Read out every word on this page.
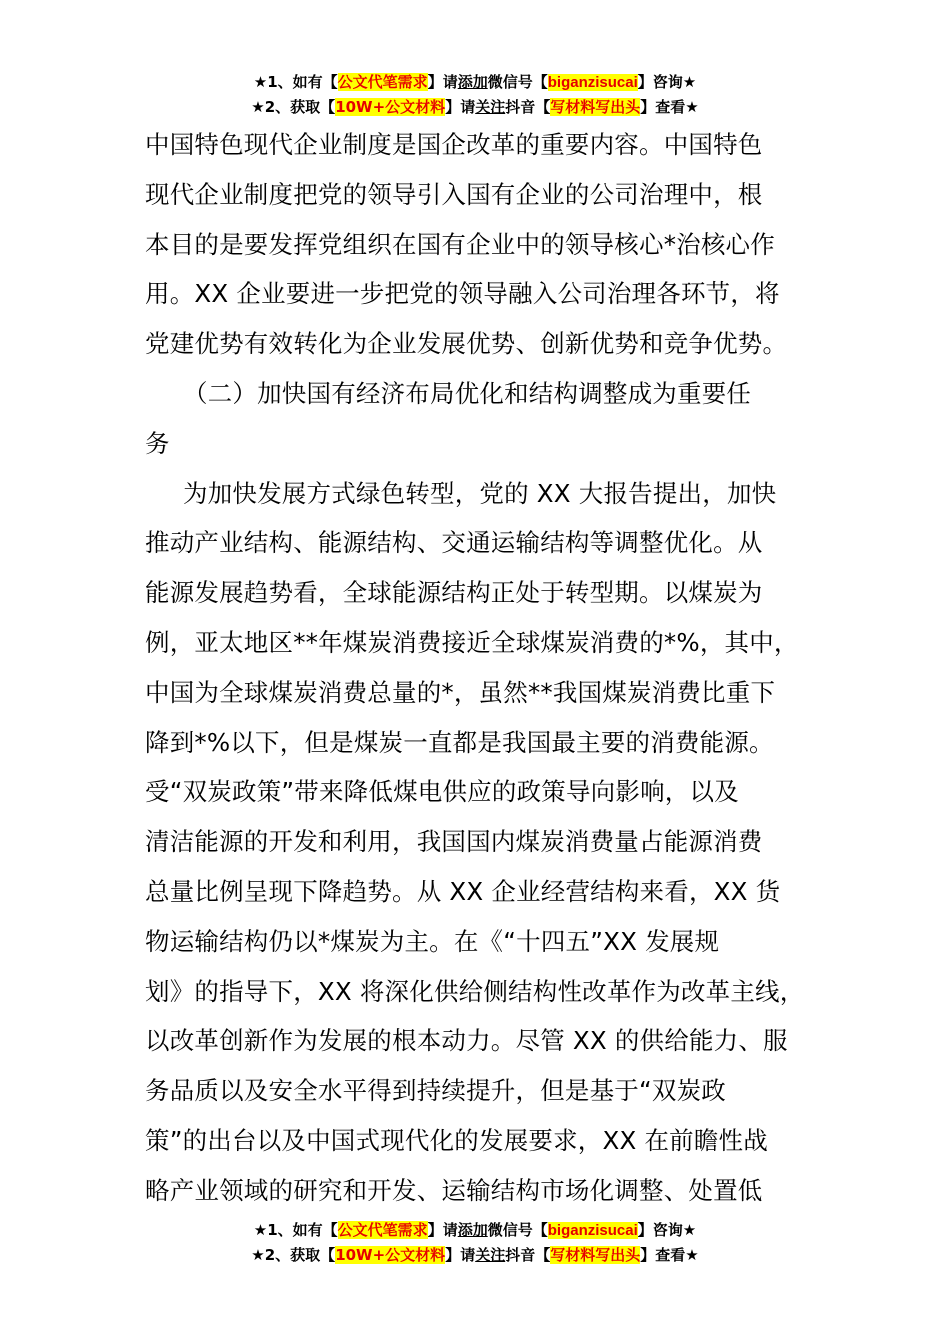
★1、如有【公文代笔需求】请添加微信号【biganzisucai】咨询★
★2、获取【10W+公文材料】请关注抖音【写材料写出头】查看★
中国特色现代企业制度是国企改革的重要内容。中国特色
现代企业制度把党的领导引入国有企业的公司治理中，根
本目的是要发挥党组织在国有企业中的领导核心*治核心作
用。XX 企业要进一步把党的领导融入公司治理各环节，将
党建优势有效转化为企业发展优势、创新优势和竞争优势。
（二）加快国有经济布局优化和结构调整成为重要任
务
为加快发展方式绿色转型，党的 XX 大报告提出，加快
推动产业结构、能源结构、交通运输结构等调整优化。从
能源发展趋势看，全球能源结构正处于转型期。以煤炭为
例，亚太地区**年煤炭消费接近全球煤炭消费的*%，其中，
中国为全球煤炭消费总量的*，虽然**我国煤炭消费比重下
降到*%以下，但是煤炭一直都是我国最主要的消费能源。
受“双炭政策”带来降低煤电供应的政策导向影响，以及
清洁能源的开发和利用，我国国内煤炭消费量占能源消费
总量比例呈现下降趋势。从 XX 企业经营结构来看，XX 货
物运输结构仍以*煤炭为主。在《“十四五”XX 发展规
划》的指导下，XX 将深化供给侧结构性改革作为改革主线，
以改革创新作为发展的根本动力。尽管 XX 的供给能力、服
务品质以及安全水平得到持续提升，但是基于“双炭政
策”的出台以及中国式现代化的发展要求，XX 在前瞻性战
略产业领域的研究和开发、运输结构市场化调整、处置低
★1、如有【公文代笔需求】请添加微信号【biganzisucai】咨询★
★2、获取【10W+公文材料】请关注抖音【写材料写出头】查看★
